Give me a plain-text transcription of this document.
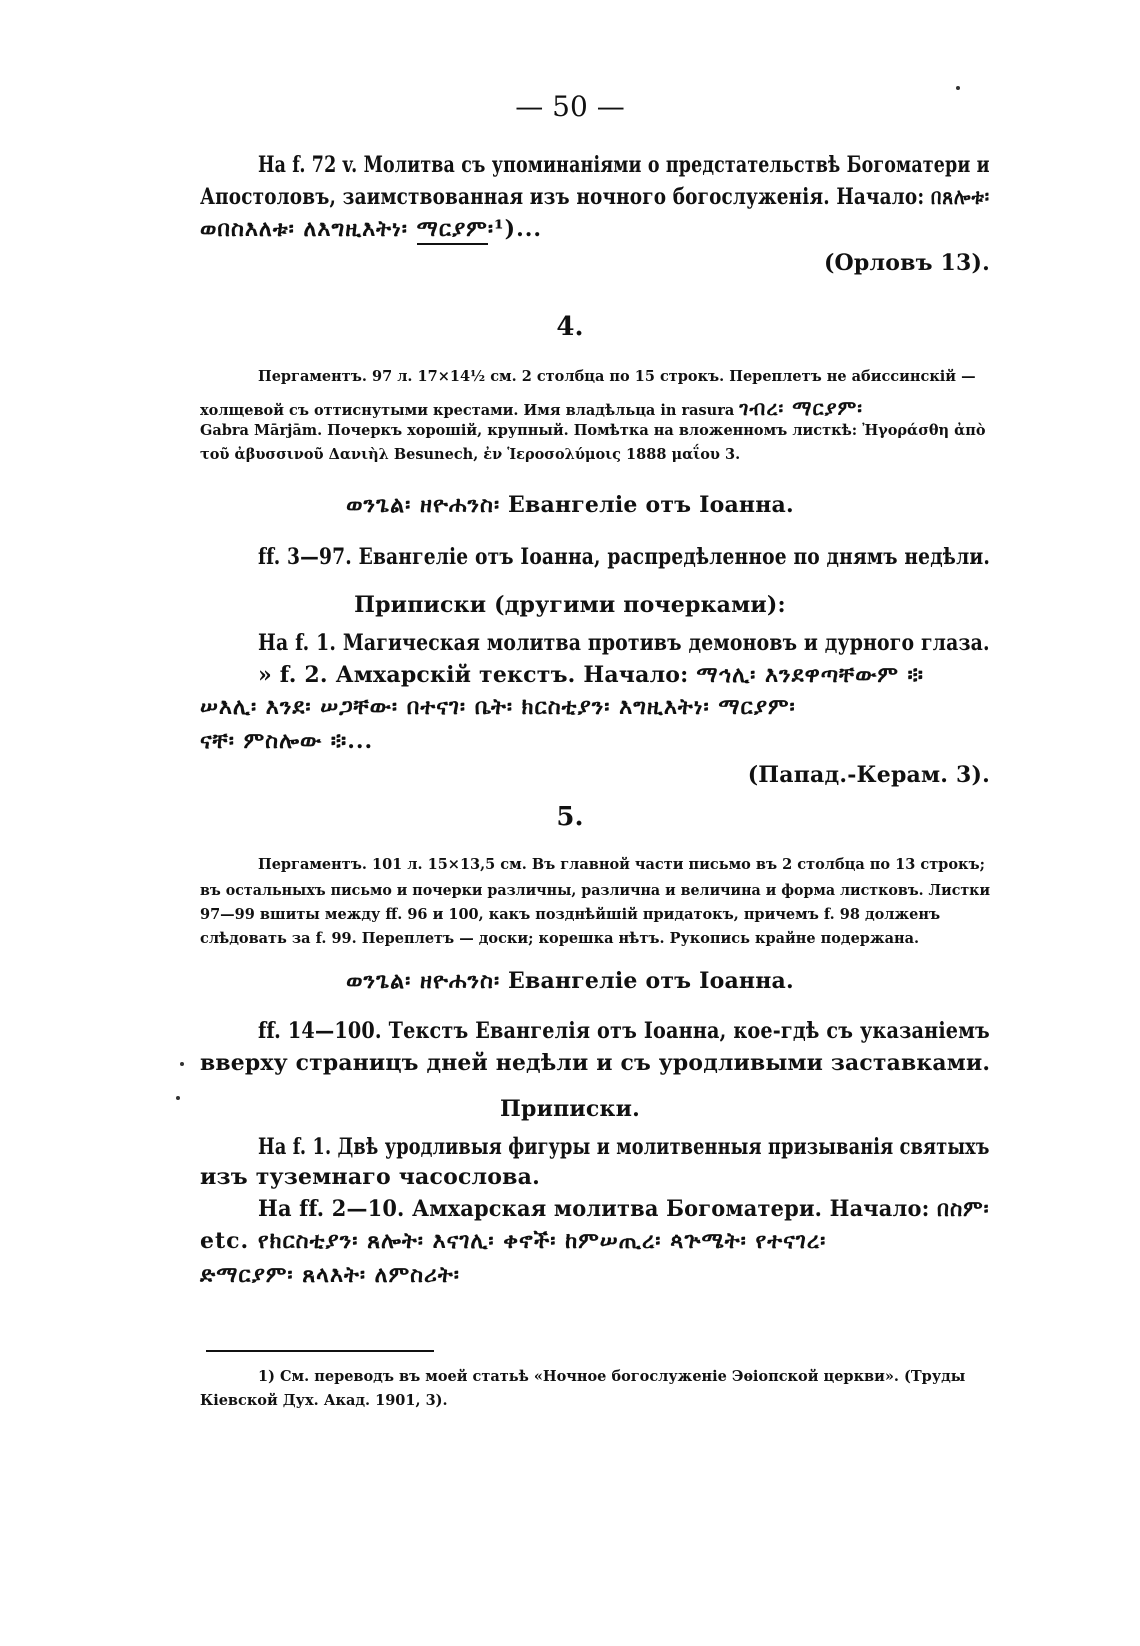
— 50 —
На f. 72 v. Молитва съ упоминаніями о предстательствѣ Богоматери и
Апостоловъ, заимствованная изъ ночного богослуженія. Начало: በጸሎቱ፡
ወበስእለቱ፡ ለእግዚእትነ፡ ማርያም፡¹)...
(Орловъ 13).
4.
Пергаментъ. 97 л. 17×14½ см. 2 столбца по 15 строкъ. Переплетъ не абиссинскій —
холщевой съ оттиснутыми крестами. Имя владѣльца in rasura ገብረ፡ ማርያም፡
Gabra Mārjām. Почеркъ хорошій, крупный. Помѣтка на вложенномъ листкѣ: Ἠγοράσθη ἀπὸ
τοῦ ἀβυσσινοῦ Δανιὴλ Besunech, ἐν Ἱεροσολύμοις 1888 μαΐου 3.
ወንጌል፡ ዘዮሐንስ፡ Евангеліе отъ Іоанна.
ff. 3—97. Евангеліе отъ Іоанна, распредѣленное по днямъ недѣли.
Приписки (другими почерками):
На f. 1. Магическая молитва противъ демоновъ и дурного глаза.
» f. 2. Амхарскій текстъ. Начало: ማኅሊ፡ እንደዋጣቸውም ፨
ሠእሊ፡ እንደ፡ ሠጋቸው፡ በተናገ፡ ቤት፡ ክርስቲያን፡ እግዚእትነ፡ ማርያም፡
ናቸ፡ ምስሎው ፨...
(Папад.-Керам. 3).
5.
Пергаментъ. 101 л. 15×13,5 см. Въ главной части письмо въ 2 столбца по 13 строкъ;
въ остальныхъ письмо и почерки различны, различна и величина и форма листковъ. Листки
97—99 вшиты между ff. 96 и 100, какъ позднѣйшій придатокъ, причемъ f. 98 долженъ
слѣдовать за f. 99. Переплетъ — доски; корешка нѣтъ. Рукопись крайне подержана.
ወንጌል፡ ዘዮሐንስ፡ Евангеліе отъ Іоанна.
ff. 14—100. Текстъ Евангелія отъ Іоанна, кое-гдѣ съ указаніемъ
вверху страницъ дней недѣли и съ уродливыми заставками.
Приписки.
На f. 1. Двѣ уродливыя фигуры и молитвенныя призыванія святыхъ
изъ туземнаго часослова.
На ff. 2—10. Амхарская молитва Богоматери. Начало: በስም፡
etc. የክርስቲያን፡ ጸሎት፡ እናገሊ፡ ቀኖች፡ ከምሠጢረ፡ ጳጕሜት፡ የተናገረ፡
ድማርያም፡ ጸላእት፡ ለምስሪት፡
1) См. переводъ въ моей статьѣ «Ночное богослуженіе Эѳіопской церкви». (Труды
Кіевской Дух. Акад. 1901, 3).
